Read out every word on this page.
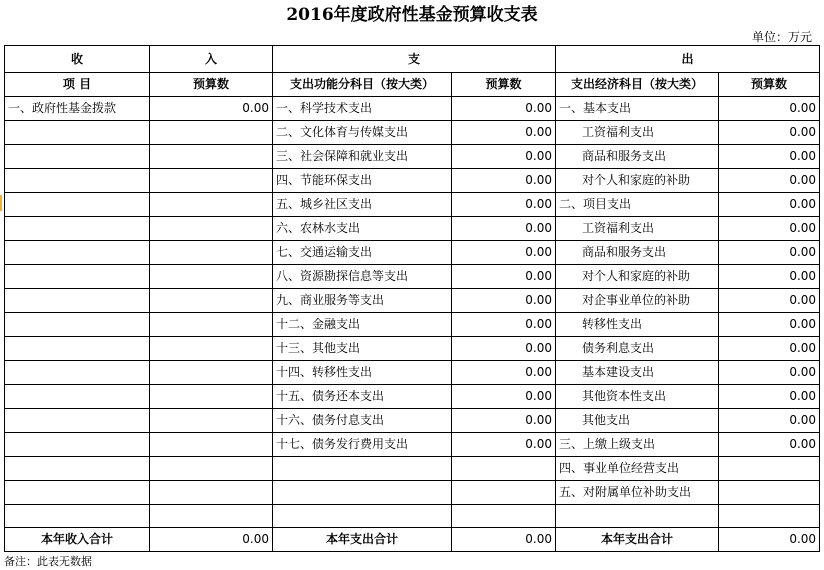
2016年度政府性基金预算收支表
单位：万元
收	入	支		出	
项 目	预算数	支出功能分科目（按大类）	预算数	支出经济科目（按大类）	预算数
一、政府性基金拨款	0.00	一、科学技术支出	0.00	一、基本支出	0.00
		二、文化体育与传媒支出	0.00	工资福利支出	0.00
		三、社会保障和就业支出	0.00	商品和服务支出	0.00
		四、节能环保支出	0.00	对个人和家庭的补助	0.00
		五、城乡社区支出	0.00	二、项目支出	0.00
		六、农林水支出	0.00	工资福利支出	0.00
		七、交通运输支出	0.00	商品和服务支出	0.00
		八、资源勘探信息等支出	0.00	对个人和家庭的补助	0.00
		九、商业服务等支出	0.00	对企事业单位的补助	0.00
		十二、金融支出	0.00	转移性支出	0.00
		十三、其他支出	0.00	债务利息支出	0.00
		十四、转移性支出	0.00	基本建设支出	0.00
		十五、债务还本支出	0.00	其他资本性支出	0.00
		十六、债务付息支出	0.00	其他支出	0.00
		十七、债务发行费用支出	0.00	三、上缴上级支出	0.00
				四、事业单位经营支出	
				五、对附属单位补助支出	

本年收入合计	0.00	本年支出合计	0.00	本年支出合计	0.00
备注：此表无数据
